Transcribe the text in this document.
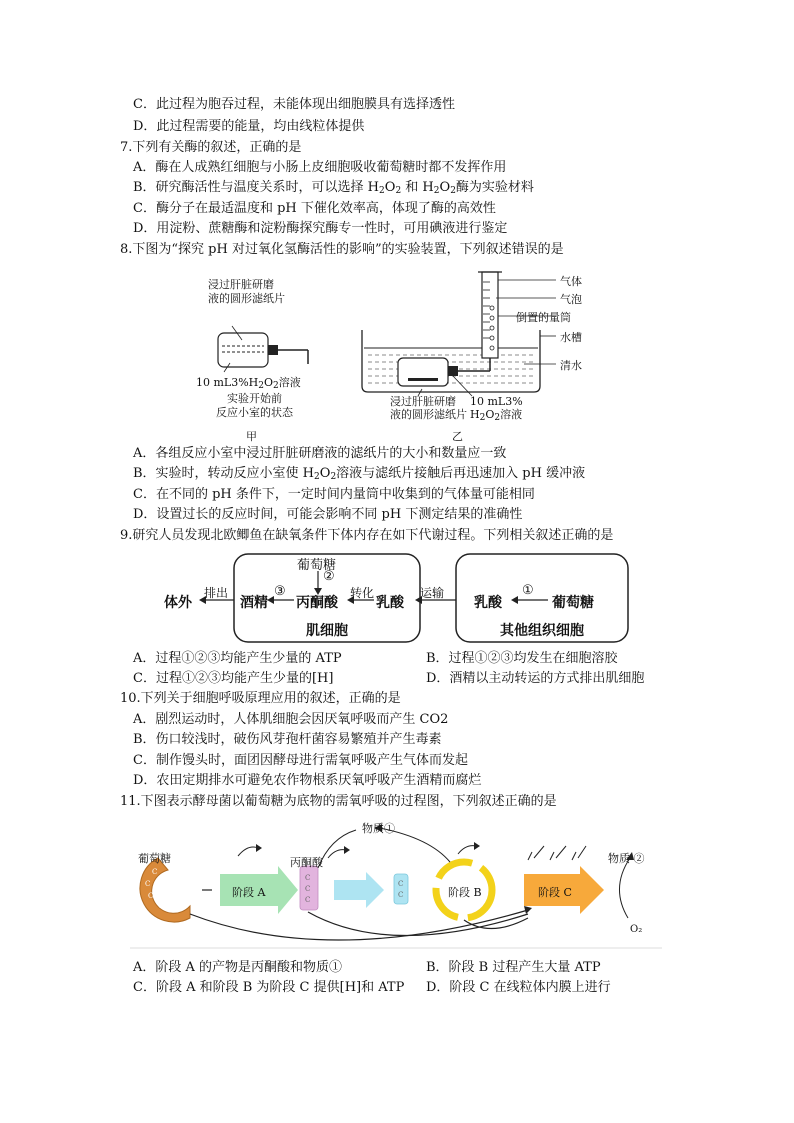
C．此过程为胞吞过程，未能体现出细胞膜具有选择透性
D．此过程需要的能量，均由线粒体提供
7.下列有关酶的叙述，正确的是
A．酶在人成熟红细胞与小肠上皮细胞吸收葡萄糖时都不发挥作用
B．研究酶活性与温度关系时，可以选择 $H_2O_2$ 和 $H_2O_2$酶为实验材料
C．酶分子在最适温度和 pH 下催化效率高，体现了酶的高效性
D．用淀粉、蔗糖酶和淀粉酶探究酶专一性时，可用碘液进行鉴定
8.下图为“探究 pH 对过氧化氢酶活性的影响”的实验装置，下列叙述错误的是
浸过肝脏研磨
液的圆形滤纸片
10 $mL3\%H_2O_2$溶液
实验开始前
反应小室的状态
甲
气体
气泡
倒置的量筒
水槽
清水
浸过肝脏研磨
液的圆形滤纸片
10 mL3%
$H_2O_2$溶液
乙
A．各组反应小室中浸过肝脏研磨液的滤纸片的大小和数量应一致
B．实验时，转动反应小室使 $H_2O_2$溶液与滤纸片接触后再迅速加入 pH 缓冲液
C．在不同的 pH 条件下，一定时间内量筒中收集到的气体量可能相同
D．设置过长的反应时间，可能会影响不同 pH 下测定结果的准确性
9.研究人员发现北欧鲫鱼在缺氧条件下体内存在如下代谢过程。下列相关叙述正确的是
葡萄糖
②
体外
排出	③
酒精 丙酮酸
转化
乳酸
运输
乳酸
①
葡萄糖
肌细胞	其他组织细胞
A．过程①②③均能产生少量的 ATP	B．过程①②③均发生在细胞溶胶
C．过程①②③均能产生少量的[H]	D．酒精以主动转运的方式排出肌细胞
10.下列关于细胞呼吸原理应用的叙述，正确的是
A．剧烈运动时，人体肌细胞会因厌氧呼吸而产生 CO2
B．伤口较浅时，破伤风芽孢杆菌容易繁殖并产生毒素
C．制作馒头时，面团因酵母进行需氧呼吸产生气体而发起
D．农田定期排水可避免农作物根系厌氧呼吸产生酒精而腐烂
11.下图表示酵母菌以葡萄糖为底物的需氧呼吸的过程图，下列叙述正确的是
C
C
C
C C
C
C
C
C
C
葡萄糖	丙酮酸
物质①
物质 ②
阶段 A	阶段 B	阶段 C
O₂
A．阶段 A 的产物是丙酮酸和物质①	B．阶段 B 过程产生大量 ATP
C．阶段 A 和阶段 B 为阶段 C 提供[H]和 ATP D．阶段 C 在线粒体内膜上进行
